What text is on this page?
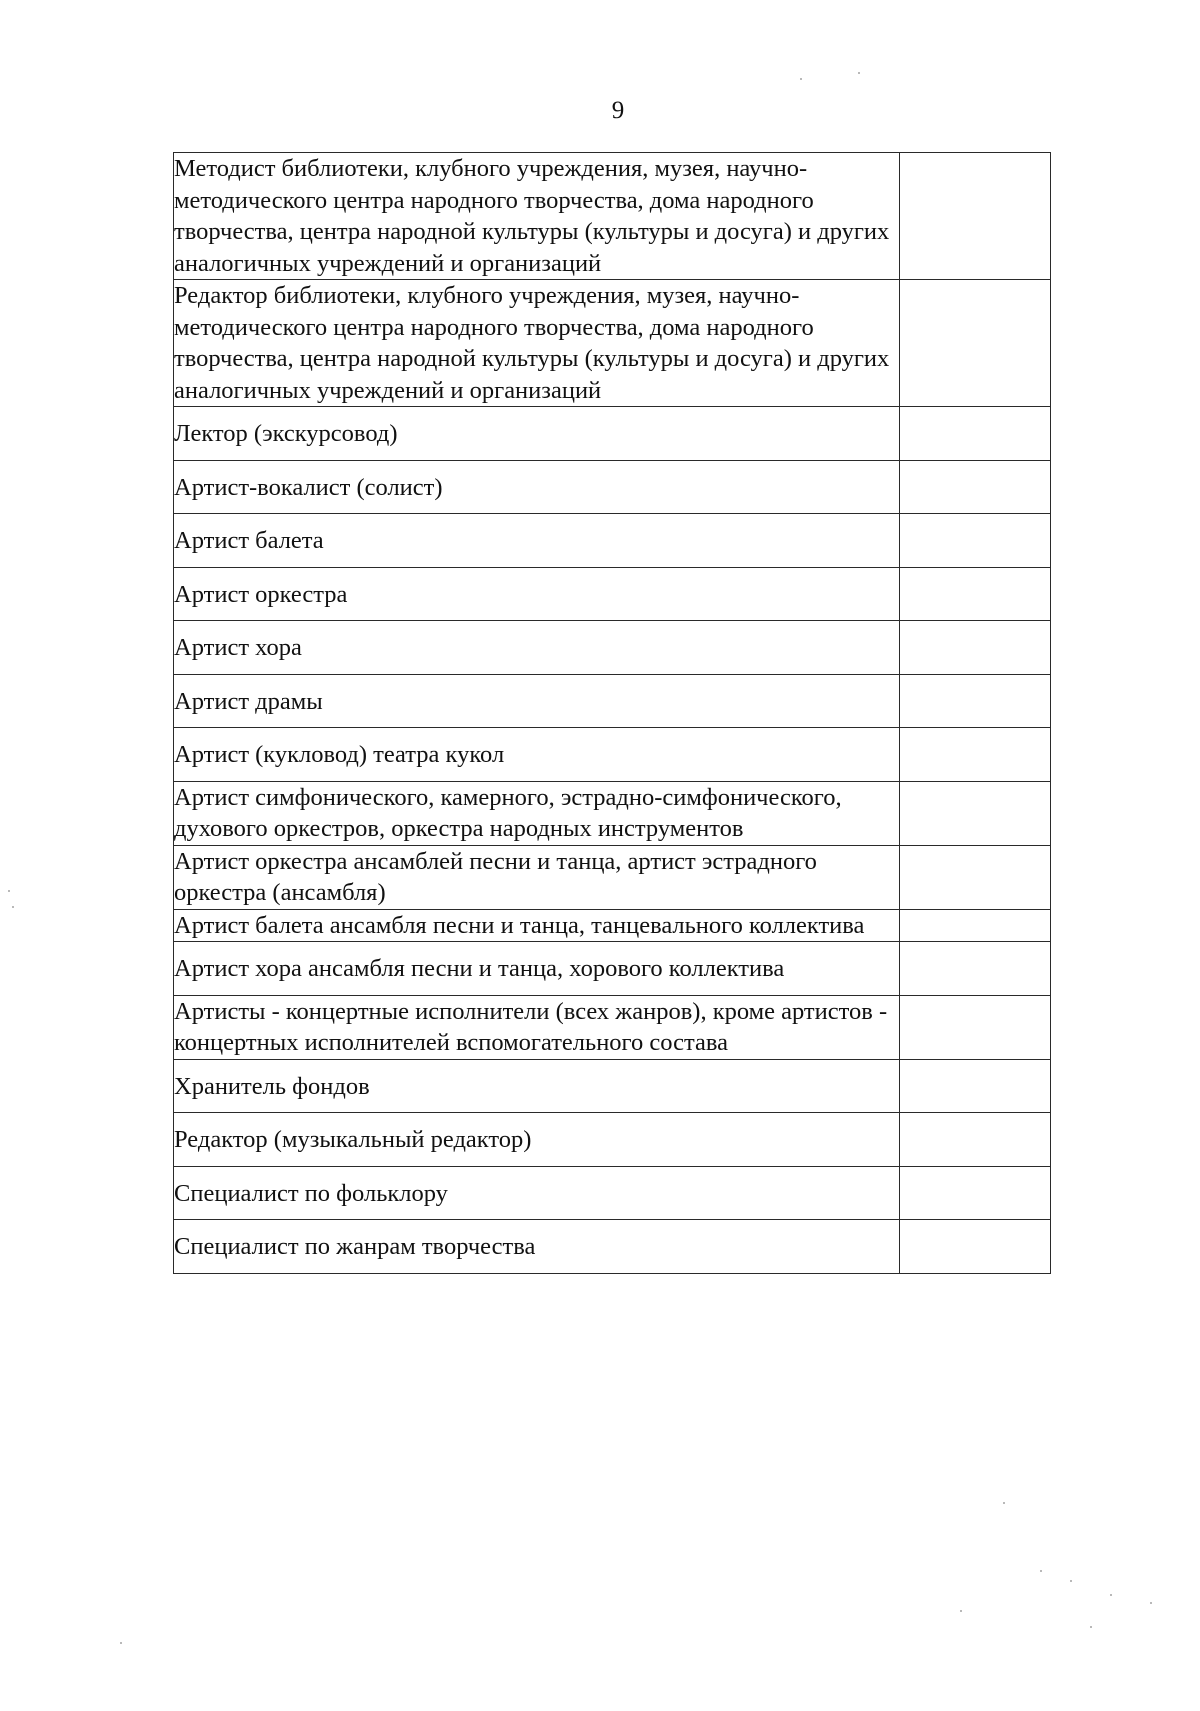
9
Методист библиотеки, клубного учреждения, музея, научно-методического центра народного творчества, дома народного творчества, центра народной культуры (культуры и досуга) и других аналогичных учреждений и организаций	
Редактор библиотеки, клубного учреждения, музея, научно-методического центра народного творчества, дома народного творчества, центра народной культуры (культуры и досуга) и других аналогичных учреждений и организаций	
Лектор (экскурсовод)	
Артист-вокалист (солист)	
Артист балета	
Артист оркестра	
Артист хора	
Артист драмы	
Артист (кукловод) театра кукол	
Артист симфонического, камерного, эстрадно-симфонического, духового оркестров, оркестра народных инструментов	
Артист оркестра ансамблей песни и танца, артист эстрадного оркестра (ансамбля)	
Артист балета ансамбля песни и танца, танцевального коллектива	
Артист хора ансамбля песни и танца, хорового коллектива	
Артисты - концертные исполнители (всех жанров), кроме артистов - концертных исполнителей вспомогательного состава	
Хранитель фондов	
Редактор (музыкальный редактор)	
Специалист по фольклору	
Специалист по жанрам творчества	
